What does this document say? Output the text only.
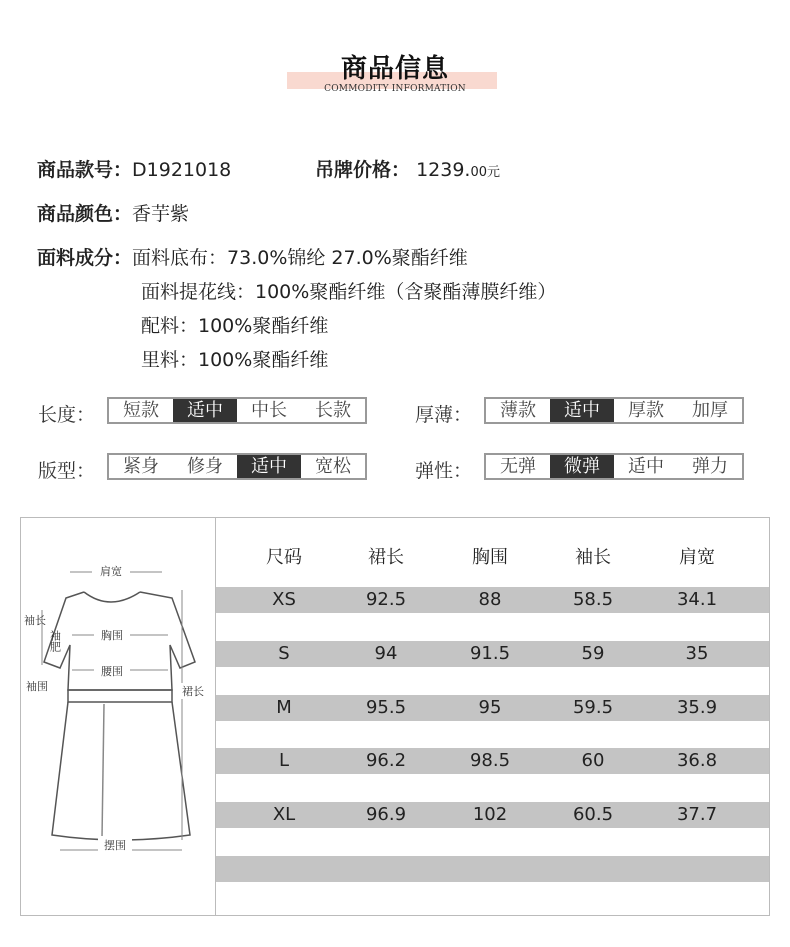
商品信息
COMMODITY INFORMATION
商品款号：D1921018	吊牌价格： 1239.00元
商品颜色：香芋紫
面料成分：面料底布：73.0%锦纶 27.0%聚酯纤维
面料提花线：100%聚酯纤维（含聚酯薄膜纤维）
配料：100%聚酯纤维
里料：100%聚酯纤维
长度：	短款	适中	中长	长款	厚薄：	薄款	适中	厚款	加厚
版型：	紧身	修身	适中	宽松	弹性：	无弹	微弹	适中	弹力
肩宽
袖长
袖肥	胸围
腰围
袖围	裙长
摆围
尺码	裙长	胸围	袖长	肩宽
XS	92.5	88	58.5	34.1
S	94	91.5	59	35
M	95.5	95	59.5	35.9
L	96.2	98.5	60	36.8
XL	96.9	102	60.5	37.7
